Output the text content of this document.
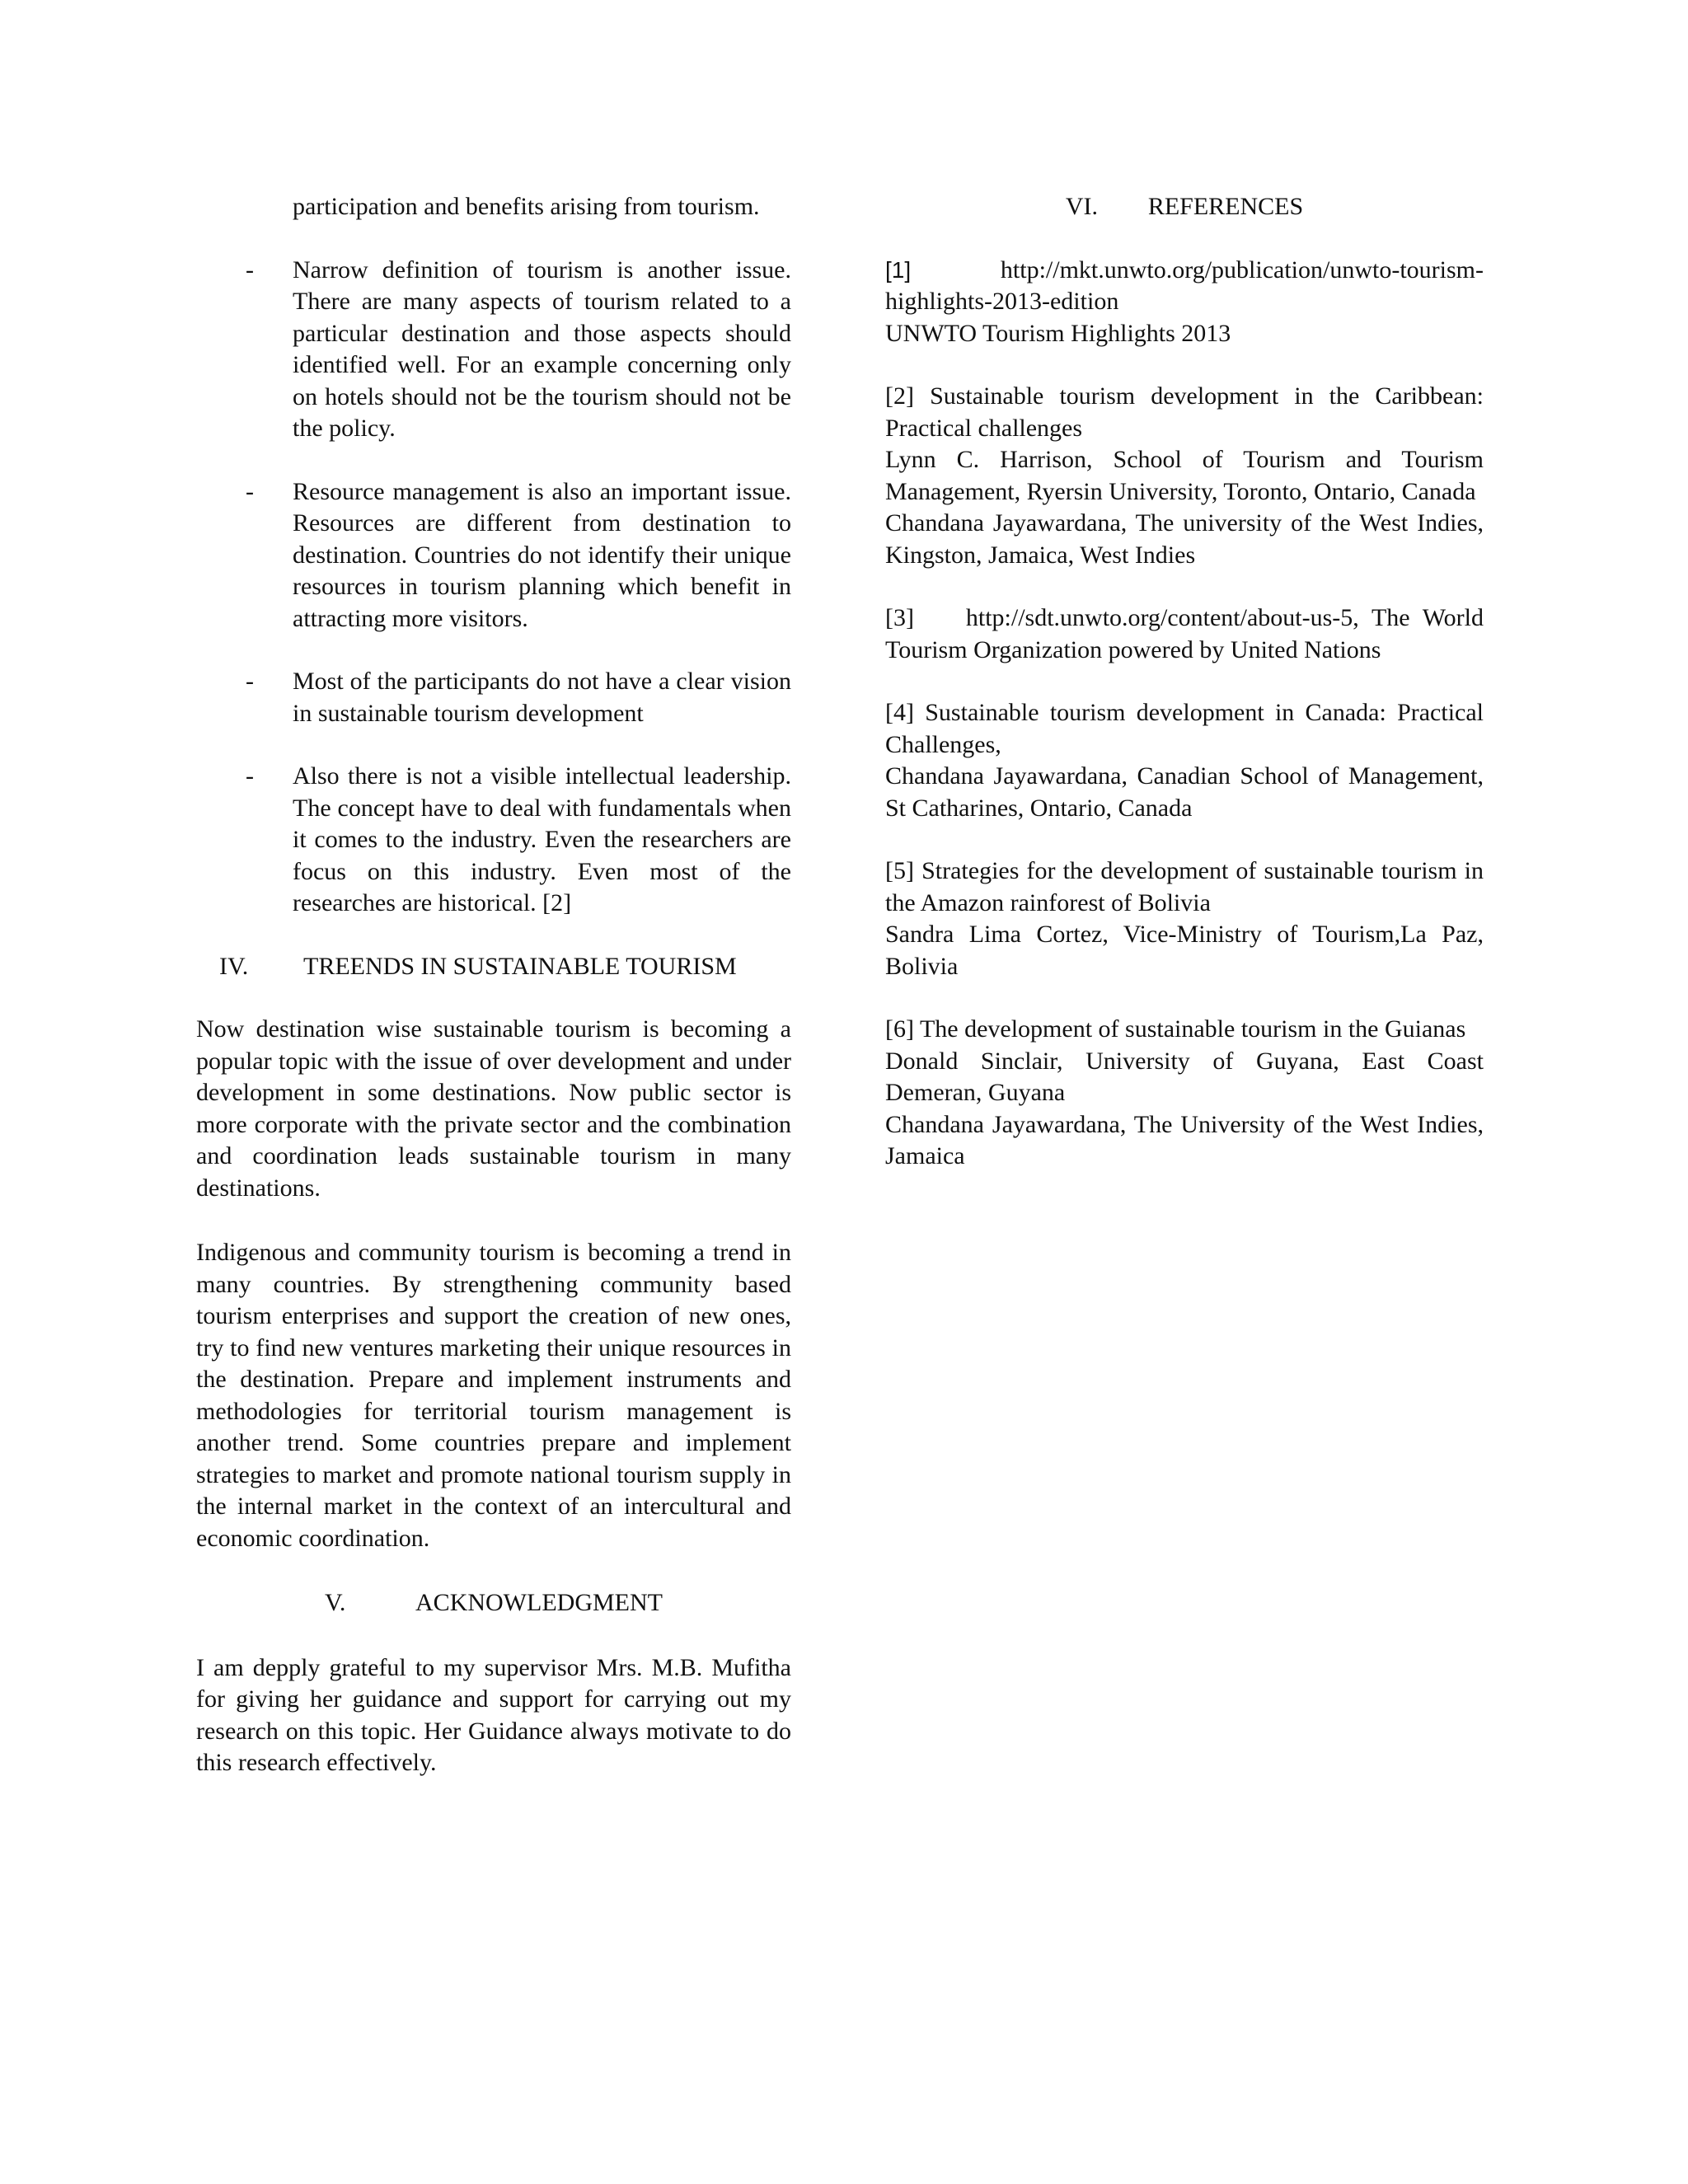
participation and benefits arising from tourism.

- Narrow definition of tourism is another issue. There are many aspects of tourism related to a particular destination and those aspects should identified well. For an example concerning only on hotels should not be the tourism should not be the policy.
- Resource management is also an important issue. Resources are different from destination to destination. Countries do not identify their unique resources in tourism planning which benefit in attracting more visitors.
- Most of the participants do not have a clear vision in sustainable tourism development
- Also there is not a visible intellectual leadership. The concept have to deal with fundamentals when it comes to the industry. Even the researchers are focus on this industry. Even most of the researches are historical. [2]
IV.	TREENDS IN SUSTAINABLE TOURISM

Now destination wise sustainable tourism is becoming a popular topic with the issue of over development and under development in some destinations. Now public sector is more corporate with the private sector and the combination and coordination leads sustainable tourism in many destinations.

Indigenous and community tourism is becoming a trend in many countries. By strengthening community based tourism enterprises and support the creation of new ones, try to find new ventures marketing their unique resources in the destination. Prepare and implement instruments and methodologies for territorial tourism management is another trend. Some countries prepare and implement strategies to market and promote national tourism supply in the internal market in the context of an intercultural and economic coordination.

V.	ACKNOWLEDGMENT

I am depply grateful to my supervisor Mrs. M.B. Mufitha for giving her guidance and support for carrying out my research on this topic. Her Guidance always motivate to do this research effectively.

VI.	REFERENCES

[1]	http://mkt.unwto.org/publication/unwto-tourism-highlights-2013-edition

UNWTO Tourism Highlights 2013

[2] Sustainable tourism development in the Caribbean: Practical challenges

Lynn C. Harrison, School of Tourism and Tourism Management, Ryersin University, Toronto, Ontario, Canada

Chandana Jayawardana, The university of the West Indies, Kingston, Jamaica, West Indies

[3] http://sdt.unwto.org/content/about-us-5, The World Tourism Organization powered by United Nations

[4] Sustainable tourism development in Canada: Practical Challenges,

Chandana Jayawardana, Canadian School of Management, St Catharines, Ontario, Canada

[5] Strategies for the development of sustainable tourism in the Amazon rainforest of Bolivia

Sandra Lima Cortez, Vice-Ministry of Tourism,La Paz, Bolivia

[6] The development of sustainable tourism in the Guianas

Donald Sinclair, University of Guyana, East Coast Demeran, Guyana

Chandana Jayawardana, The University of the West Indies, Jamaica
